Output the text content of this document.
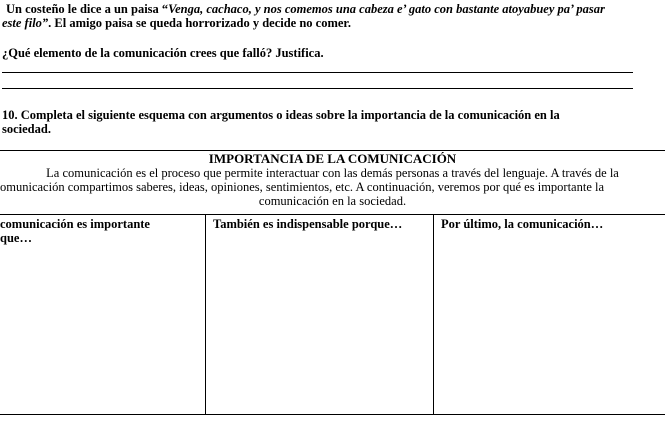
Un costeño le dice a un paisa “Venga, cachaco, y nos comemos una cabeza e’ gato con bastante atoyabuey pa’ pasar
este filo”. El amigo paisa se queda horrorizado y decide no comer.
¿Qué elemento de la comunicación crees que falló? Justifica.
10. Completa el siguiente esquema con argumentos o ideas sobre la importancia de la comunicación en la
sociedad.
IMPORTANCIA DE LA COMUNICACIÓN
La comunicación es el proceso que permite interactuar con las demás personas a través del lenguaje. A través de la
omunicación compartimos saberes, ideas, opiniones, sentimientos, etc. A continuación, veremos por qué es importante la
comunicación en la sociedad.
comunicación es importante
que…
También es indispensable porque…	Por último, la comunicación…
